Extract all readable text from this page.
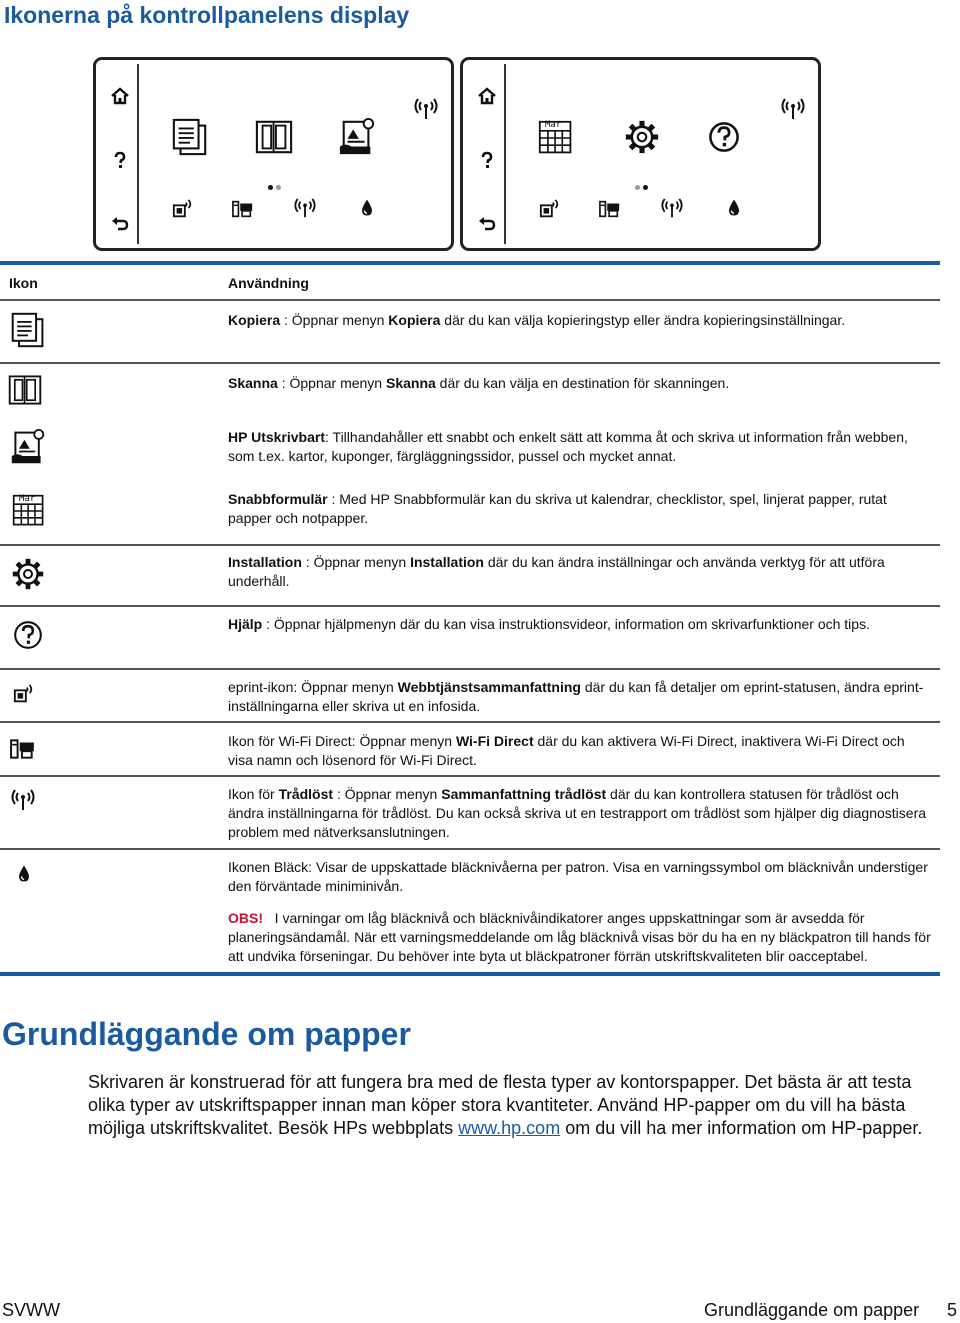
Ikonerna på kontrollpanelens display
Mar
Ikon	Användning
Kopiera : Öppnar menyn Kopiera där du kan välja kopieringstyp eller ändra kopieringsinställningar.
Skanna : Öppnar menyn Skanna där du kan välja en destination för skanningen.
HP Utskrivbart: Tillhandahåller ett snabbt och enkelt sätt att komma åt och skriva ut information från webben, som t.ex. kartor, kuponger, färgläggningssidor, pussel och mycket annat.
Snabbformulär : Med HP Snabbformulär kan du skriva ut kalendrar, checklistor, spel, linjerat papper, rutat papper och notpapper.
Installation : Öppnar menyn Installation där du kan ändra inställningar och använda verktyg för att utföra underhåll.
Hjälp : Öppnar hjälpmenyn där du kan visa instruktionsvideor, information om skrivarfunktioner och tips.
eprint-ikon: Öppnar menyn Webbtjänstsammanfattning där du kan få detaljer om eprint-statusen, ändra eprint-inställningarna eller skriva ut en infosida.
Ikon för Wi-Fi Direct: Öppnar menyn Wi-Fi Direct där du kan aktivera Wi-Fi Direct, inaktivera Wi-Fi Direct och visa namn och lösenord för Wi-Fi Direct.
Ikon för Trådlöst : Öppnar menyn Sammanfattning trådlöst där du kan kontrollera statusen för trådlöst och ändra inställningarna för trådlöst. Du kan också skriva ut en testrapport om trådlöst som hjälper dig diagnostisera problem med nätverksanslutningen.
Ikonen Bläck: Visar de uppskattade bläcknivåerna per patron. Visa en varningssymbol om bläcknivån understiger den förväntade miniminivån.
Mar
OBS! I varningar om låg bläcknivå och bläcknivåindikatorer anges uppskattningar som är avsedda för planeringsändamål. När ett varningsmeddelande om låg bläcknivå visas bör du ha en ny bläckpatron till hands för att undvika förseningar. Du behöver inte byta ut bläckpatroner förrän utskriftskvaliteten blir oacceptabel.
Grundläggande om papper
Skrivaren är konstruerad för att fungera bra med de flesta typer av kontorspapper. Det bästa är att testa olika typer av utskriftspapper innan man köper stora kvantiteter. Använd HP-papper om du vill ha bästa möjliga utskriftskvalitet. Besök HPs webbplats www.hp.com om du vill ha mer information om HP-papper.
SVWW	Grundläggande om papper 5
